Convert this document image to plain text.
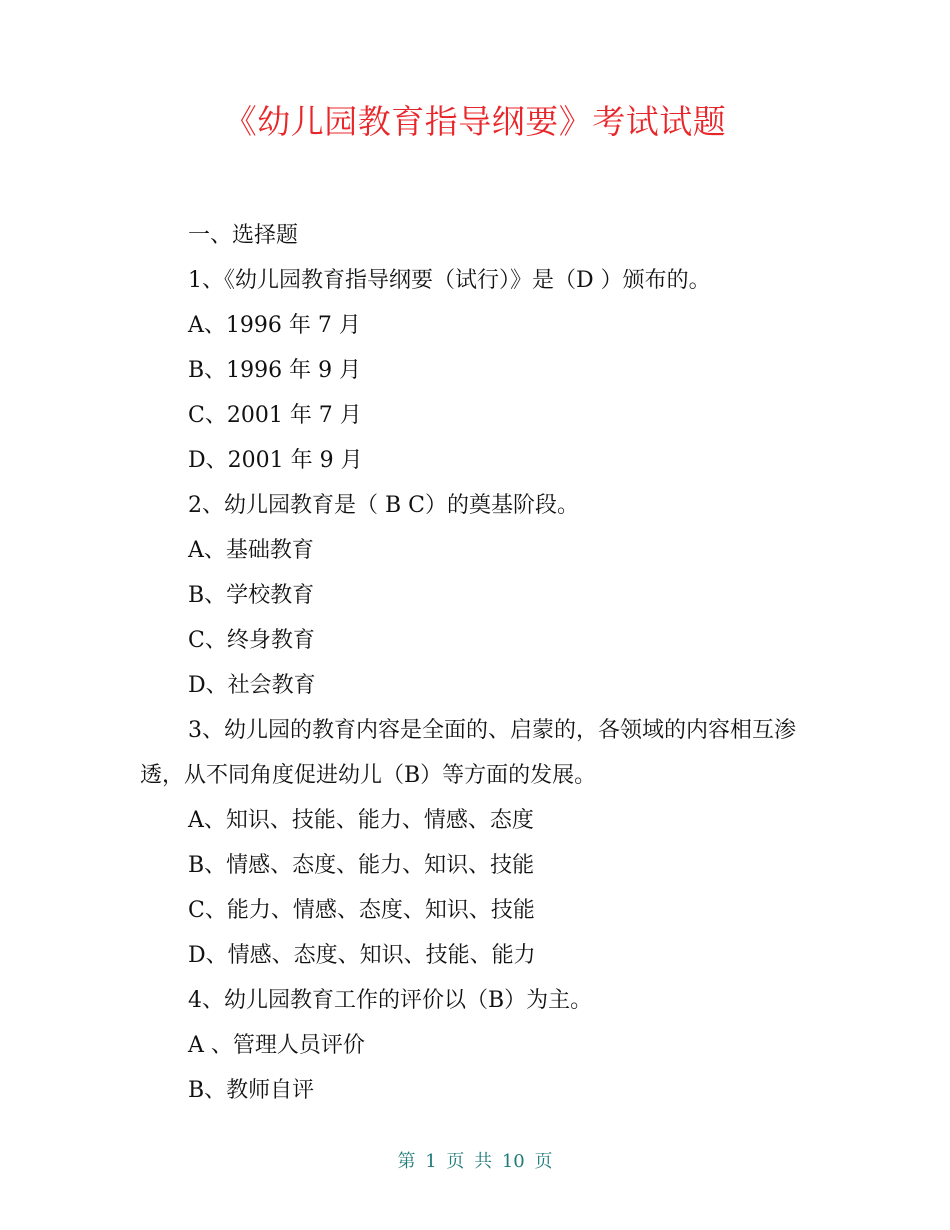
《幼儿园教育指导纲要》考试试题
一、选择题
1、《幼儿园教育指导纲要（试行）》是（D ）颁布的。
A、1996 年 7 月
B、1996 年 9 月
C、2001 年 7 月
D、2001 年 9 月
2、幼儿园教育是（ B C）的奠基阶段。
A、基础教育
B、学校教育
C、终身教育
D、社会教育
3、幼儿园的教育内容是全面的、启蒙的，各领域的内容相互渗透，从不同角度促进幼儿（B）等方面的发展。
A、知识、技能、能力、情感、态度
B、情感、态度、能力、知识、技能
C、能力、情感、态度、知识、技能
D、情感、态度、知识、技能、能力
4、幼儿园教育工作的评价以（B）为主。
A 、管理人员评价
B、教师自评
第 1 页 共 10 页
